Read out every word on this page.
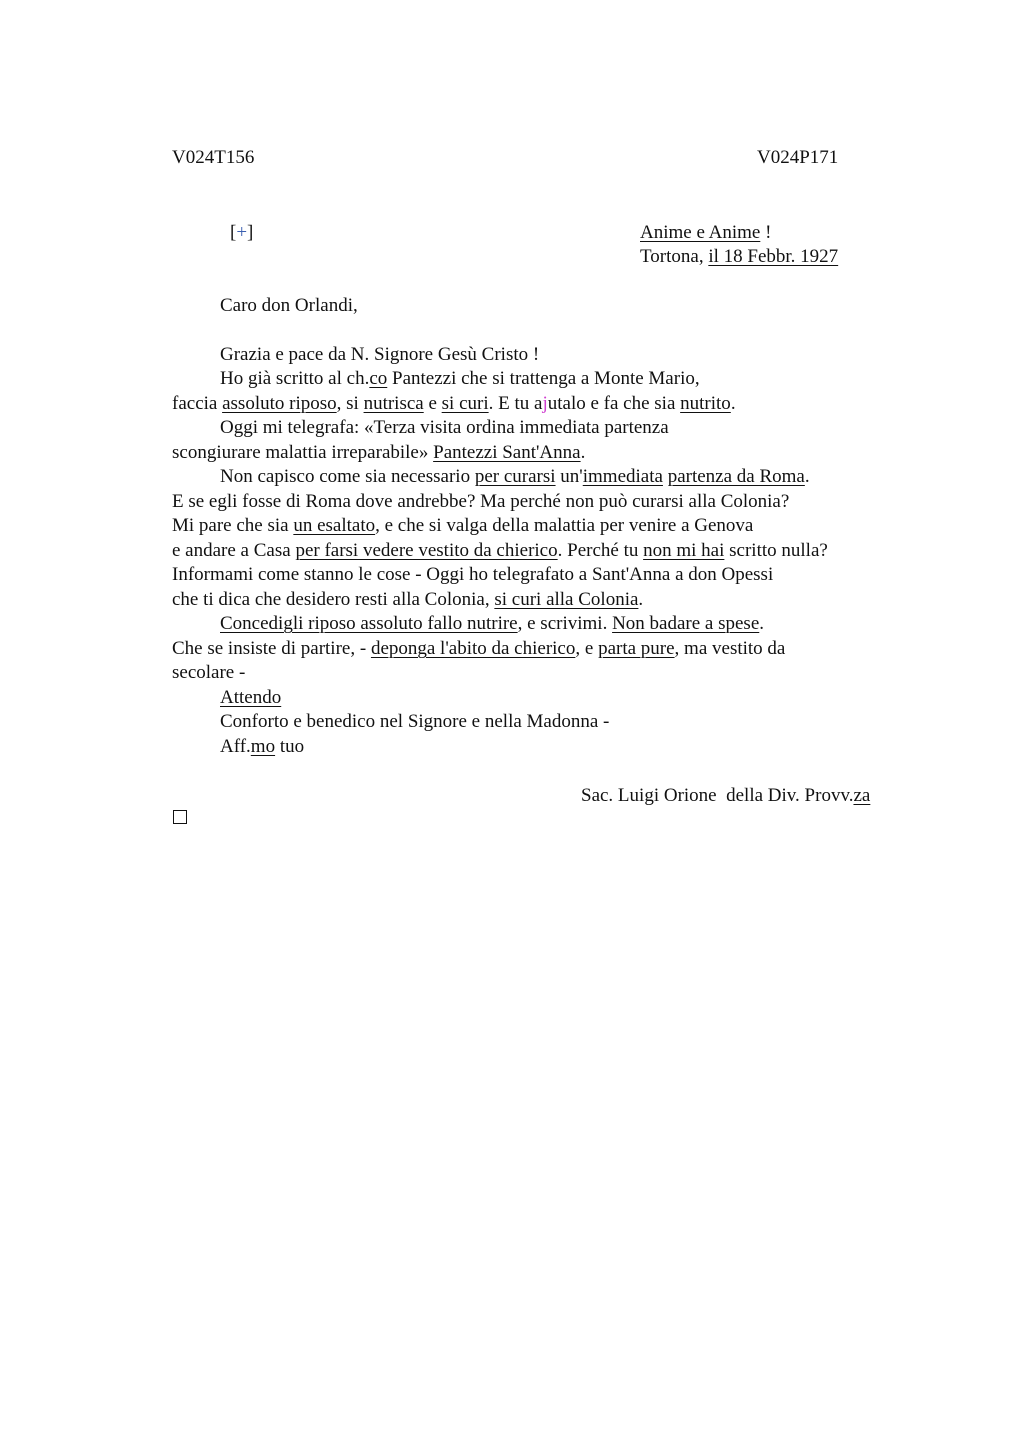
V024T156	V024P171
[+]	Anime e Anime !
Tortona, il 18 Febbr. 1927
Caro don Orlandi,
Grazia e pace da N. Signore Gesù Cristo !
Ho già scritto al ch.co Pantezzi che si trattenga a Monte Mario,
faccia assoluto riposo, si nutrisca e si curi. E tu ajutalo e fa che sia nutrito.
Oggi mi telegrafa: «Terza visita ordina immediata partenza
scongiurare malattia irreparabile» Pantezzi Sant'Anna.
Non capisco come sia necessario per curarsi un'immediata partenza da Roma.
E se egli fosse di Roma dove andrebbe? Ma perché non può curarsi alla Colonia?
Mi pare che sia un esaltato, e che si valga della malattia per venire a Genova
e andare a Casa per farsi vedere vestito da chierico. Perché tu non mi hai scritto nulla?
Informami come stanno le cose - Oggi ho telegrafato a Sant'Anna a don Opessi
che ti dica che desidero resti alla Colonia, si curi alla Colonia.
Concedigli riposo assoluto fallo nutrire, e scrivimi. Non badare a spese.
Che se insiste di partire, - deponga l'abito da chierico, e parta pure, ma vestito da
secolare -
Attendo
Conforto e benedico nel Signore e nella Madonna -
Aff.mo tuo
Sac. Luigi Orione  della Div. Provv.za
